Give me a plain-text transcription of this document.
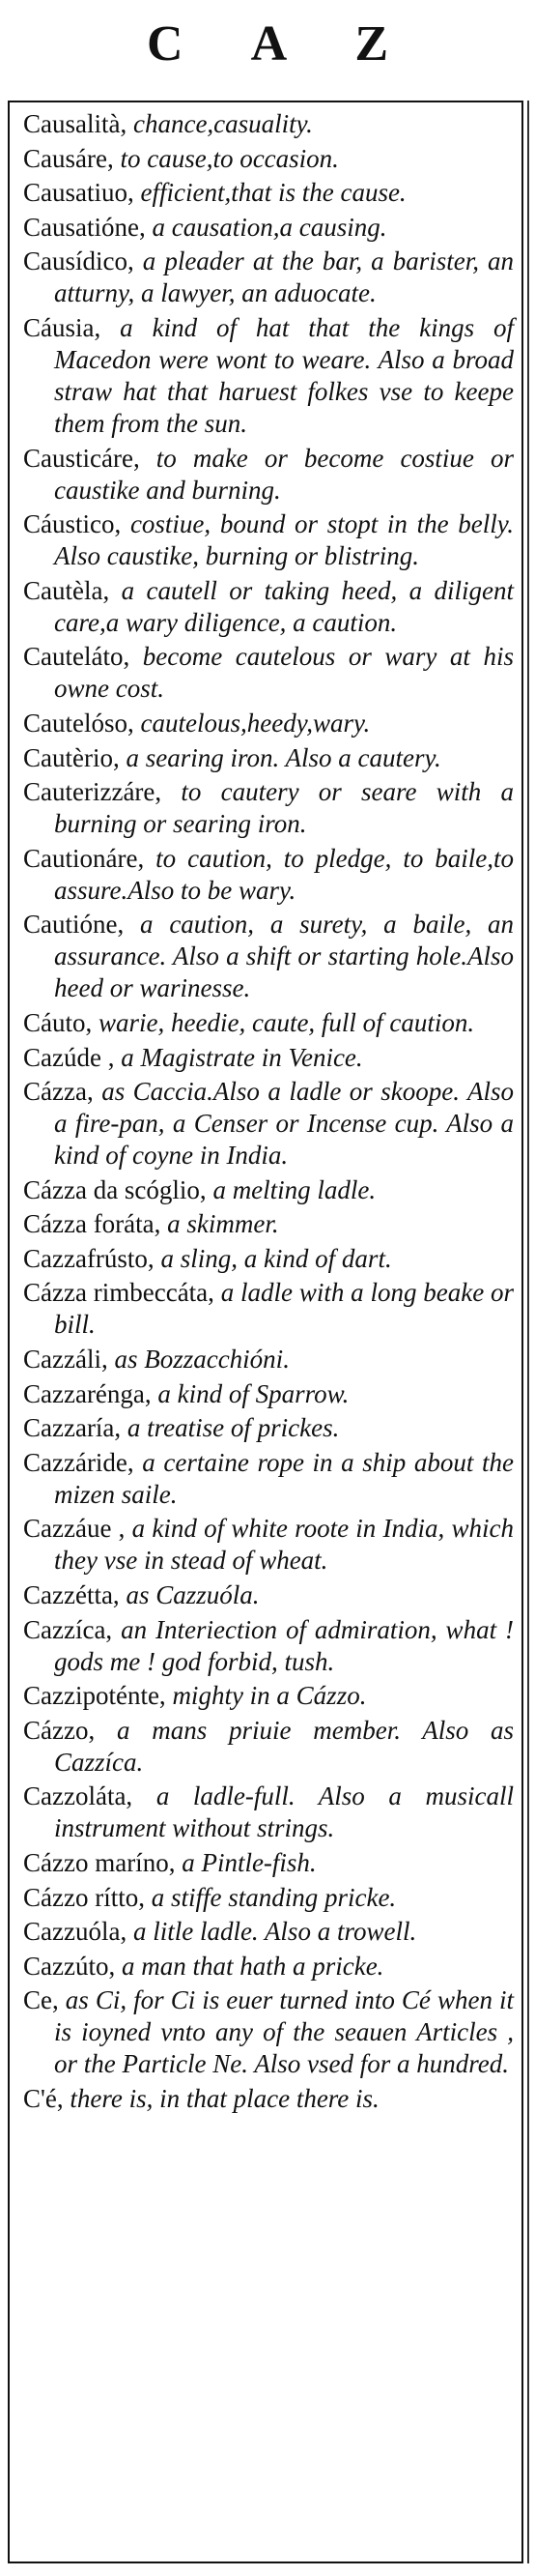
C A Z
Causalità, chance,casuality.
Causáre, to cause,to occasion.
Causatiuo, efficient,that is the cause.
Causatióne, a causation,a causing.
Causídico, a pleader at the bar, a barister, an atturny, a lawyer, an aduocate.
Cáusia, a kind of hat that the kings of Macedon were wont to weare. Also a broad straw hat that haruest folkes vse to keepe them from the sun.
Causticáre, to make or become costiue or caustike and burning.
Cáustico, costiue, bound or stopt in the belly. Also caustike, burning or blistring.
Cautèla, a cautell or taking heed, a diligent care,a wary diligence, a caution.
Cauteláto, become cautelous or wary at his owne cost.
Cautelóso, cautelous,heedy,wary.
Cautèrio, a searing iron. Also a cautery.
Cauterizzáre, to cautery or seare with a burning or searing iron.
Cautionáre, to caution, to pledge, to baile,to assure.Also to be wary.
Cautióne, a caution, a surety, a baile, an assurance. Also a shift or starting hole.Also heed or warinesse.
Cáuto, warie, heedie, caute, full of caution.
Cazúde , a Magistrate in Venice.
Cázza, as Caccia.Also a ladle or skoope. Also a fire-pan, a Censer or Incense cup. Also a kind of coyne in India.
Cázza da scóglio, a melting ladle.
Cázza foráta, a skimmer.
Cazzafrústo, a sling, a kind of dart.
Cázza rimbeccáta, a ladle with a long beake or bill.
Cazzáli, as Bozzacchióni.
Cazzarénga, a kind of Sparrow.
Cazzaría, a treatise of prickes.
Cazzáride, a certaine rope in a ship about the mizen saile.
Cazzáue , a kind of white roote in India, which they vse in stead of wheat.
Cazzétta, as Cazzuóla.
Cazzíca, an Interiection of admiration, what ! gods me ! god forbid, tush.
Cazzipoténte, mighty in a Cázzo.
Cázzo, a mans priuie member. Also as Cazzíca.
Cazzoláta, a ladle-full. Also a musicall instrument without strings.
Cázzo maríno, a Pintle-fish.
Cázzo rítto, a stiffe standing pricke.
Cazzuóla, a litle ladle. Also a trowell.
Cazzúto, a man that hath a pricke.
Ce, as Ci, for Ci is euer turned into Cé when it is ioyned vnto any of the seauen Articles , or the Particle Ne. Also vsed for a hundred.
C'é, there is, in that place there is.
